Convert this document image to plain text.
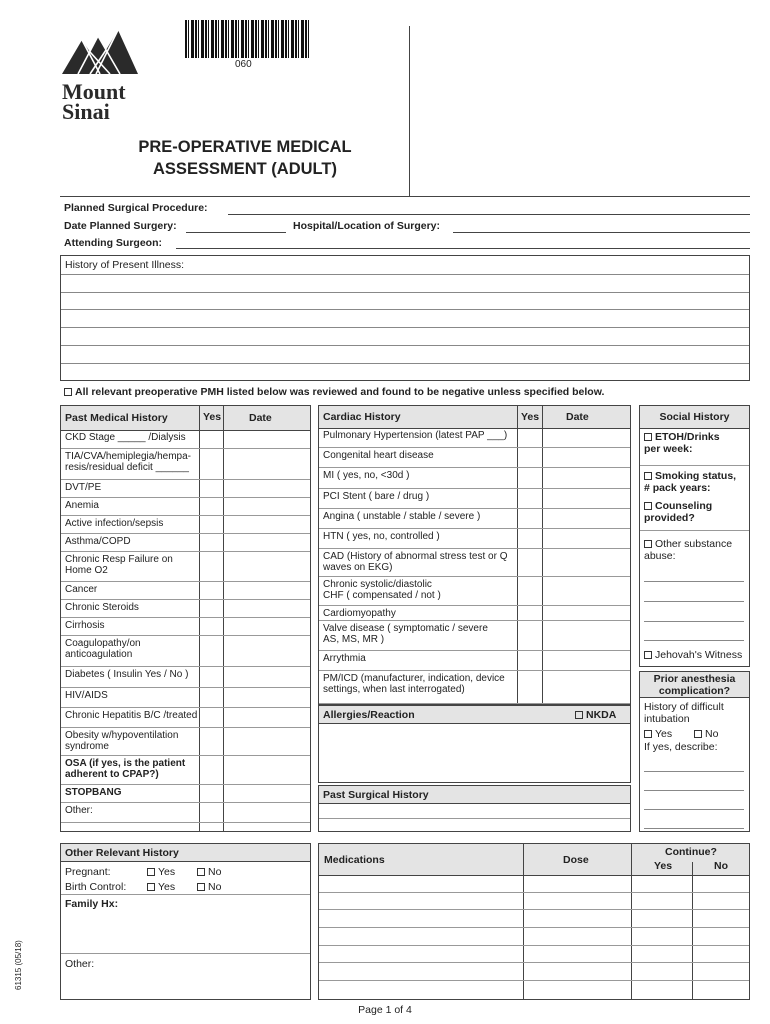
Mount
Sinai
060
PRE-OPERATIVE MEDICAL
ASSESSMENT (ADULT)
Planned Surgical Procedure:
Date Planned Surgery:	Hospital/Location of Surgery:
Attending Surgeon:
History of Present Illness:
All relevant preoperative PMH listed below was reviewed and found to be negative unless specified below.
Past Medical History	Yes	Date
CKD Stage _____ /Dialysis
TIA/CVA/hemiplegia/hempa-
resis/residual deficit ______
DVT/PE
Anemia
Active infection/sepsis
Asthma/COPD
Chronic Resp Failure on
Home O2
Cancer
Chronic Steroids
Cirrhosis
Coagulopathy/on
anticoagulation
Diabetes ( Insulin Yes / No )
HIV/AIDS
Chronic Hepatitis B/C /treated
Obesity w/hypoventilation
syndrome
OSA (if yes, is the patient
adherent to CPAP?)
STOPBANG
Other:
Cardiac History	Yes	Date
Pulmonary Hypertension (latest PAP ___)
Congenital heart disease
MI ( yes, no, <30d )
PCI Stent ( bare / drug )
Angina ( unstable / stable / severe )
HTN ( yes, no, controlled )
CAD (History of abnormal stress test or Q
waves on EKG)
Chronic systolic/diastolic
CHF ( compensated / not )
Cardiomyopathy
Valve disease ( symptomatic / severe
AS, MS, MR )
Arrythmia
PM/ICD (manufacturer, indication, device
settings, when last interrogated)
Allergies/Reaction	NKDA
Past Surgical History
Social History
ETOH/Drinks
per week:
Smoking status,
# pack years:
Counseling
provided?
Other substance
abuse:
Jehovah's Witness
Prior anesthesia
complication?
History of difficult
intubation
Yes	No
If yes, describe:
Other Relevant History
Pregnant:	Yes	No
Birth Control:	Yes	No
Family Hx:
Other:
Medications	Dose
Continue?
Yes	No
Page 1 of 4
61315 (05/18)
